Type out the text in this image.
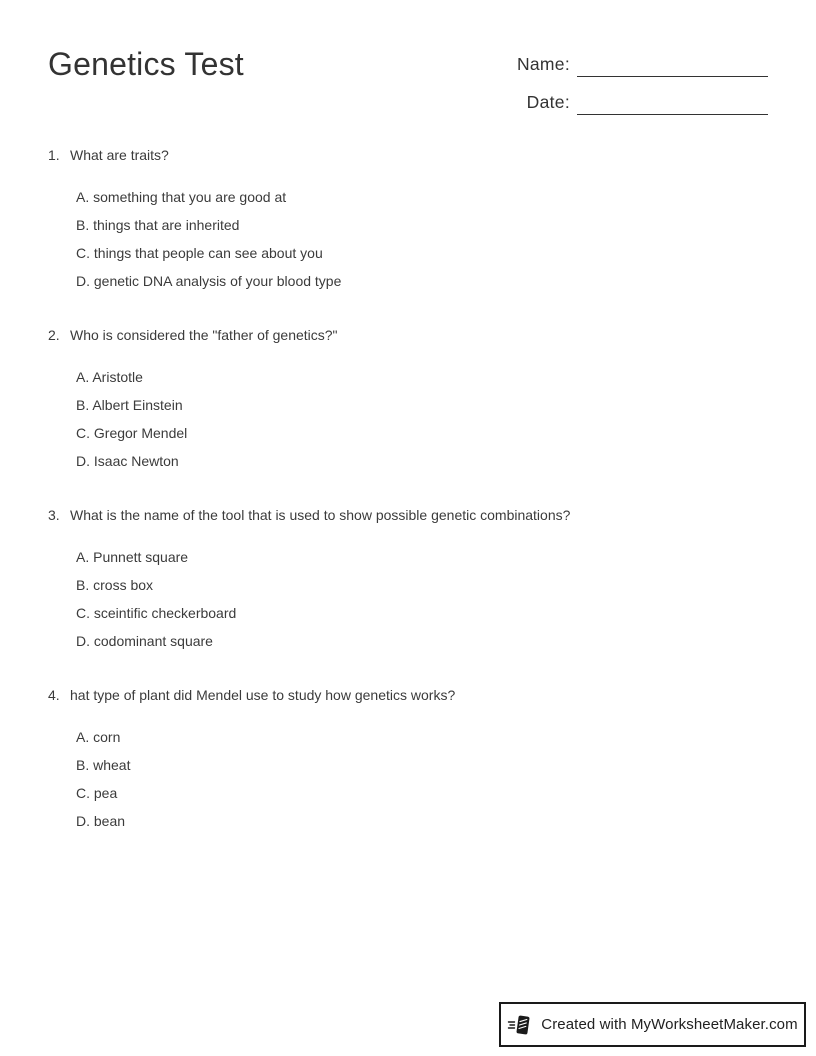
Genetics Test	Name:
Date:
1. What are traits?
A. something that you are good at
B. things that are inherited
C. things that people can see about you
D. genetic DNA analysis of your blood type
2. Who is considered the "father of genetics?"
A. Aristotle
B. Albert Einstein
C. Gregor Mendel
D. Isaac Newton
3. What is the name of the tool that is used to show possible genetic combinations?
A. Punnett square
B. cross box
C. sceintific checkerboard
D. codominant square
4. hat type of plant did Mendel use to study how genetics works?
A. corn
B. wheat
C. pea
D. bean
Created with MyWorksheetMaker.com
